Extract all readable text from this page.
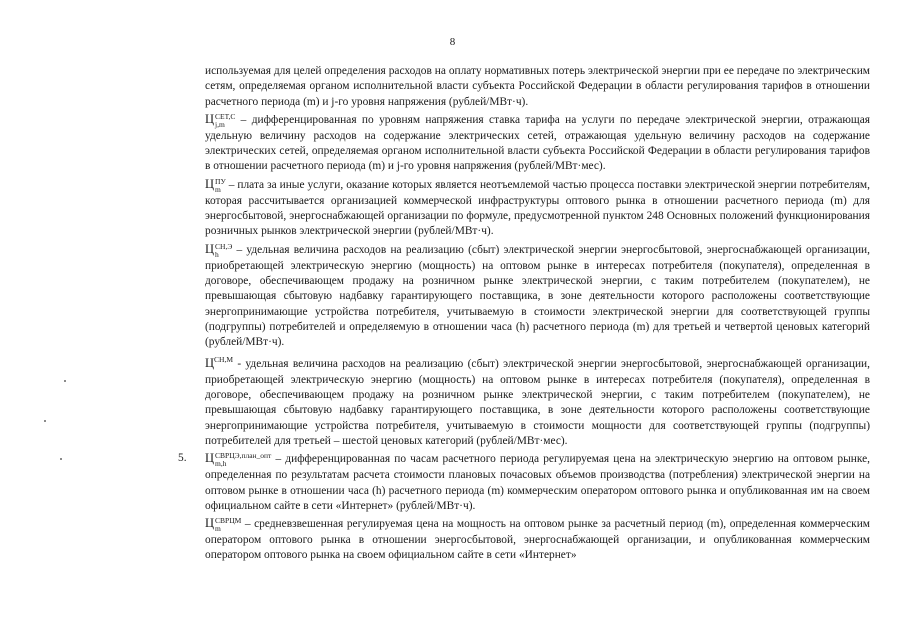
8

используемая для целей определения расходов на оплату нормативных потерь электрической энергии при ее передаче по электрическим сетям, определяемая органом исполнительной власти субъекта Российской Федерации в области регулирования тарифов в отношении расчетного периода (m) и j-го уровня напряжения (рублей/МВт·ч).

Ц СЕТ,С
j,m – дифференцированная по уровням напряжения ставка тарифа на услуги по передаче электрической энергии, отражающая удельную величину расходов на содержание электрических сетей, отражающая удельную величину расходов на содержание электрических сетей, определяемая органом исполнительной власти субъекта Российской Федерации в области регулирования тарифов в отношении расчетного периода (m) и j-го уровня напряжения (рублей/МВт·мес).

Ц ПУ
m – плата за иные услуги, оказание которых является неотъемлемой частью процесса поставки электрической энергии потребителям, которая рассчитывается организацией коммерческой инфраструктуры оптового рынка в отношении расчетного периода (m) для энергосбытовой, энергоснабжающей организации по формуле, предусмотренной пунктом 248 Основных положений функционирования розничных рынков электрической энергии (рублей/МВт·ч).

Ц СН,Э
h	– удельная величина расходов на реализацию (сбыт) электрической энергии энергосбытовой, энергоснабжающей организации, приобретающей электрическую энергию (мощность) на оптовом рынке в интересах потребителя (покупателя), определенная в договоре, обеспечивающем продажу на розничном рынке электрической энергии, с таким потребителем (покупателем), не превышающая сбытовую надбавку гарантирующего поставщика, в зоне деятельности которого расположены соответствующие энергопринимающие устройства потребителя, учитываемую в стоимости электрической энергии для соответствующей группы (подгруппы) потребителей и определяемую в отношении часа (h) расчетного периода (m) для третьей и четвертой ценовых категорий (рублей/МВт·ч).

$Ц^{СН,М}$ - удельная величина расходов на реализацию (сбыт) электрической энергии энергосбытовой, энергоснабжающей организации, приобретающей электрическую энергию (мощность) на оптовом рынке в интересах потребителя (покупателя), определенная в договоре, обеспечивающем продажу на розничном рынке электрической энергии, с таким потребителем (покупателем), не превышающая сбытовую надбавку гарантирующего поставщика, в зоне деятельности которого расположены соответствующие энергопринимающие устройства потребителя, учитываемую в стоимости мощности для соответствующей группы (подгруппы) потребителей для третьей – шестой ценовых категорий (рублей/МВт·мес).

5. Ц СВРЦЭ,план_опт
m,h	– дифференцированная по часам расчетного периода регулируемая цена на электрическую энергию на оптовом рынке, определенная по результатам расчета стоимости плановых почасовых объемов производства (потребления) электрической энергии на оптовом рынке в отношении часа (h) расчетного периода (m) коммерческим оператором оптового рынка и опубликованная им на своем официальном сайте в сети «Интернет» (рублей/МВт·ч).

Ц СВРЦМ
m	– средневзвешенная регулируемая цена на мощность на оптовом рынке за расчетный период (m), определенная коммерческим оператором оптового рынка в отношении энергосбытовой, энергоснабжающей организации, и опубликованная коммерческим оператором оптового рынка на своем официальном сайте в сети «Интернет»
